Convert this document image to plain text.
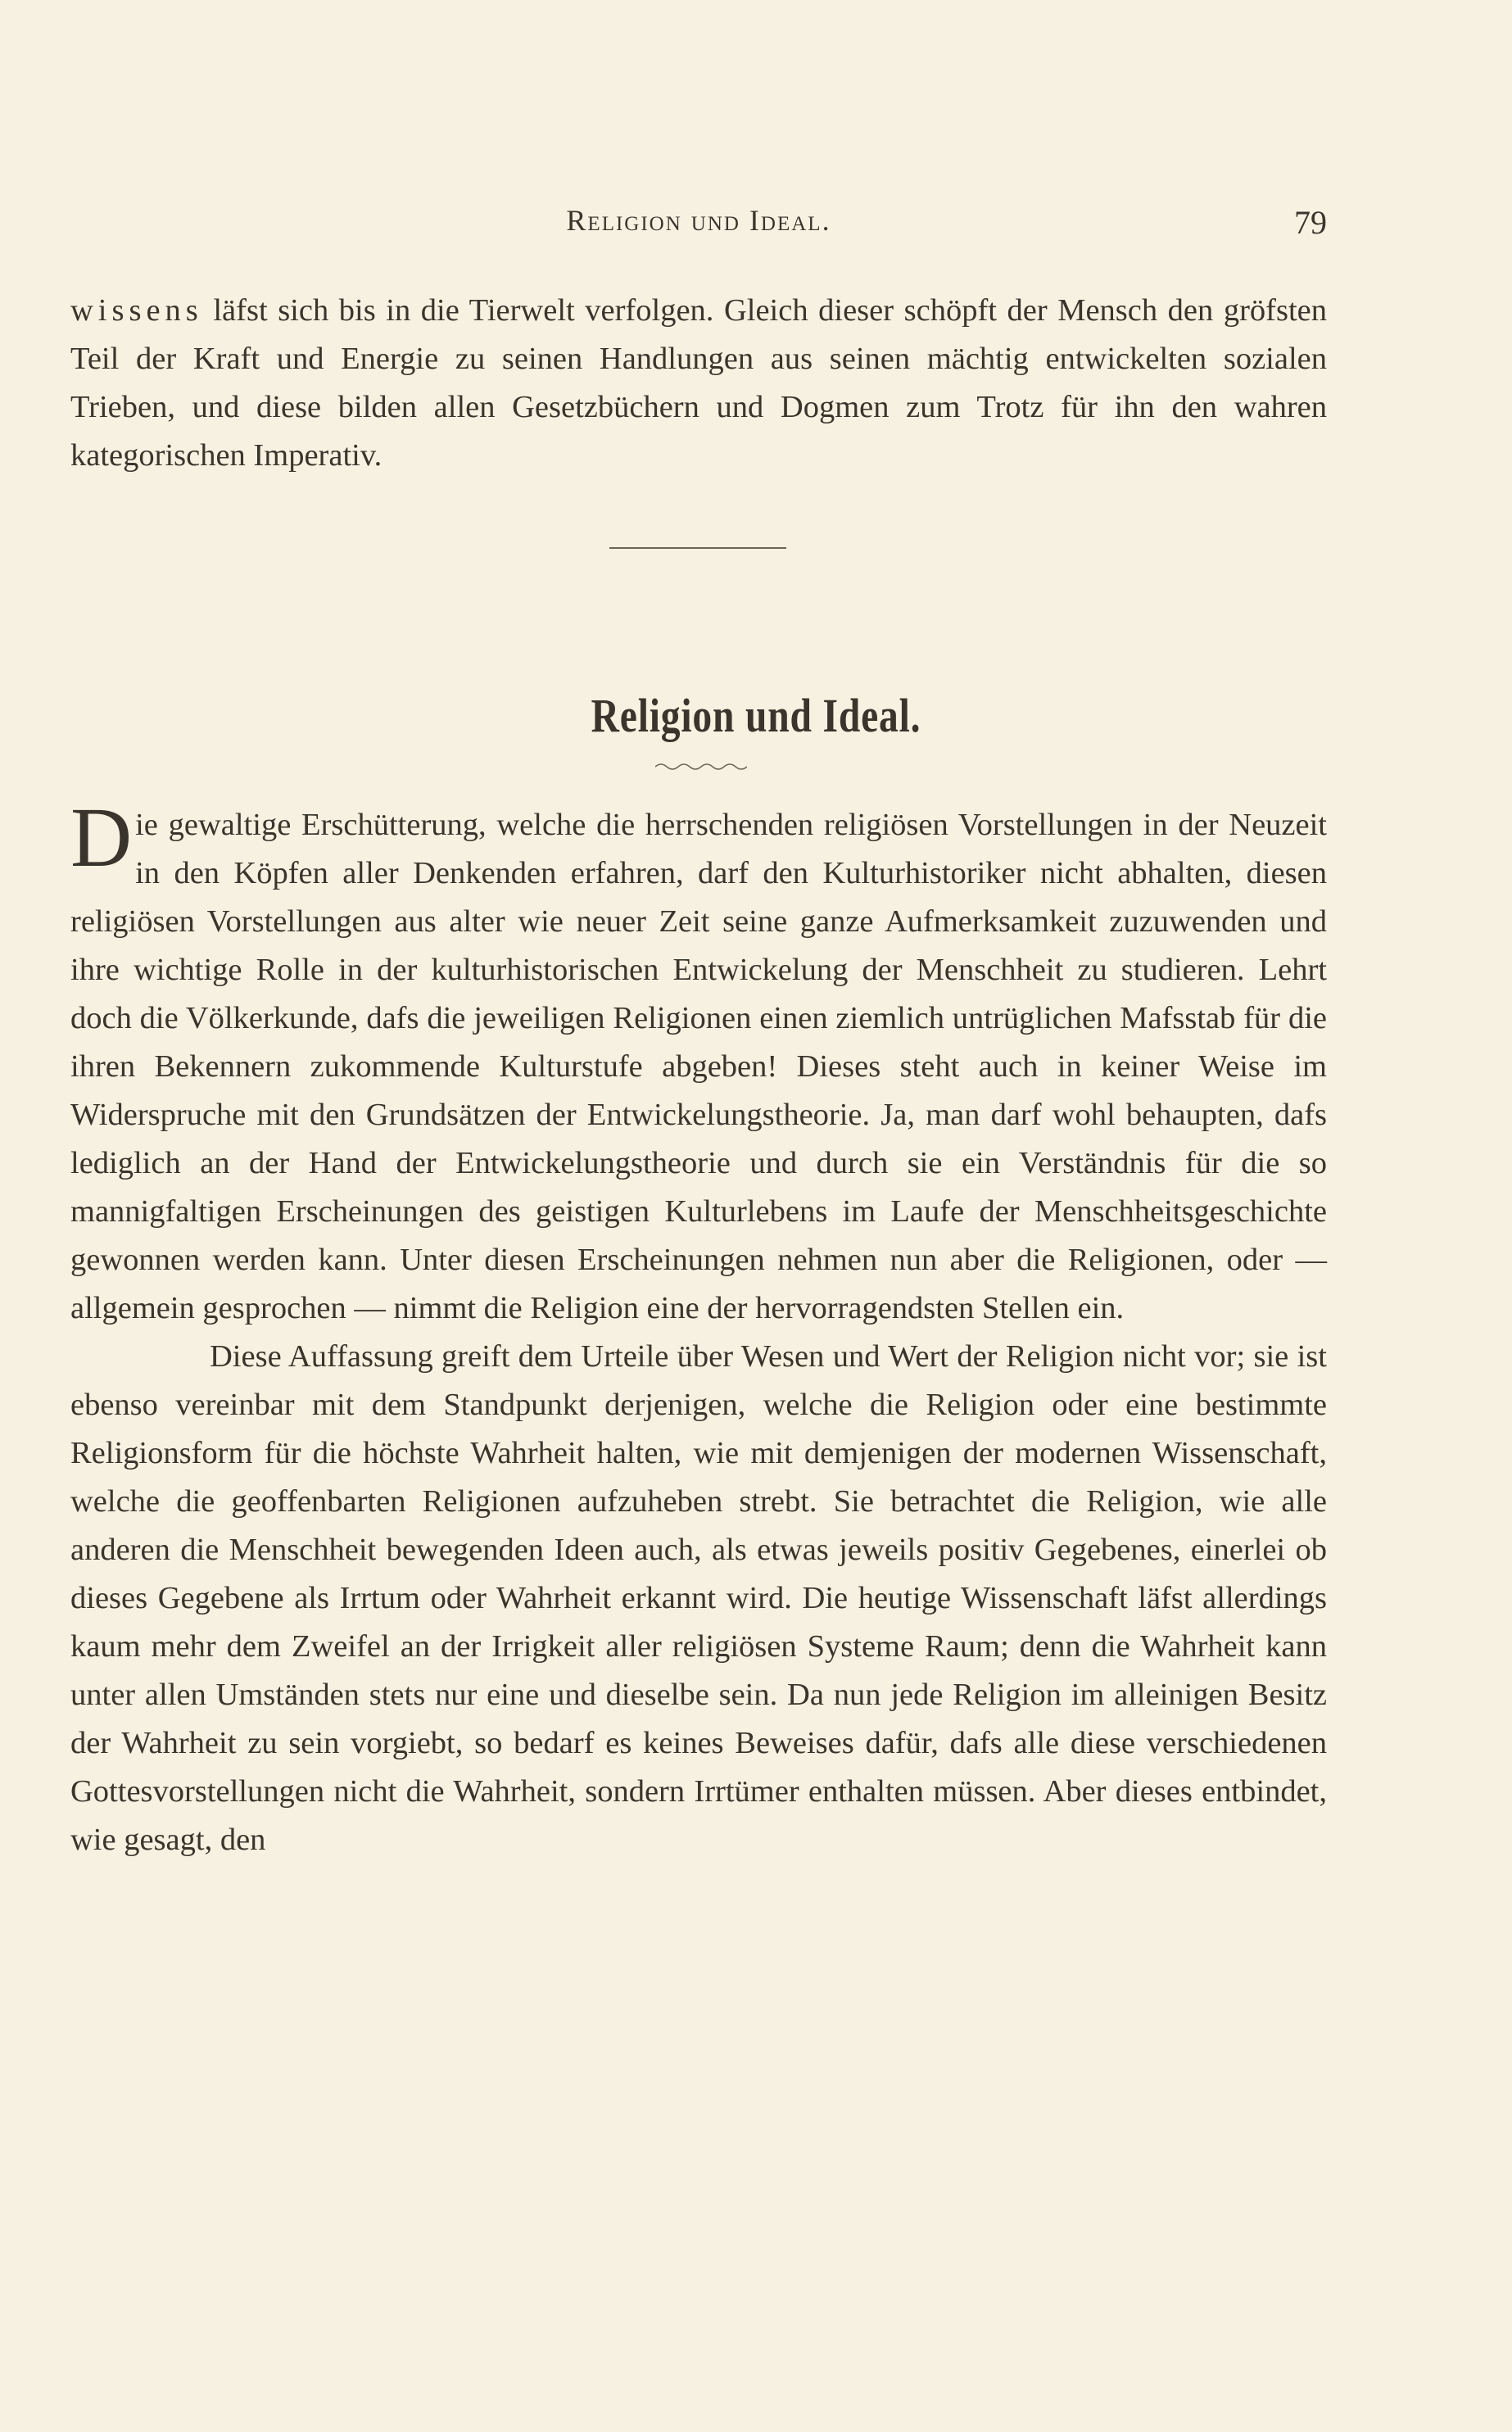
Religion und Ideal.	79

wissens läfst sich bis in die Tierwelt verfolgen. Gleich dieser schöpft der Mensch den gröfsten Teil der Kraft und Energie zu seinen Handlungen aus seinen mächtig entwickelten sozialen Trieben, und diese bilden allen Gesetzbüchern und Dogmen zum Trotz für ihn den wahren kategorischen Imperativ.

Religion und Ideal.

Die gewaltige Erschütterung, welche die herrschenden religiösen Vorstellungen in der Neuzeit in den Köpfen aller Denkenden erfahren, darf den Kulturhistoriker nicht abhalten, diesen religiösen Vorstellungen aus alter wie neuer Zeit seine ganze Aufmerksamkeit zuzuwenden und ihre wichtige Rolle in der kulturhistorischen Entwickelung der Menschheit zu studieren. Lehrt doch die Völkerkunde, dafs die jeweiligen Religionen einen ziemlich untrüglichen Mafsstab für die ihren Bekennern zukommende Kulturstufe abgeben! Dieses steht auch in keiner Weise im Widerspruche mit den Grundsätzen der Entwickelungstheorie. Ja, man darf wohl behaupten, dafs lediglich an der Hand der Entwickelungstheorie und durch sie ein Verständnis für die so mannigfaltigen Erscheinungen des geistigen Kulturlebens im Laufe der Menschheitsgeschichte gewonnen werden kann. Unter diesen Erscheinungen nehmen nun aber die Religionen, oder — allgemein gesprochen — nimmt die Religion eine der hervorragendsten Stellen ein.

Diese Auffassung greift dem Urteile über Wesen und Wert der Religion nicht vor; sie ist ebenso vereinbar mit dem Standpunkt derjenigen, welche die Religion oder eine bestimmte Religionsform für die höchste Wahrheit halten, wie mit demjenigen der modernen Wissenschaft, welche die geoffenbarten Religionen aufzuheben strebt. Sie betrachtet die Religion, wie alle anderen die Menschheit bewegenden Ideen auch, als etwas jeweils positiv Gegebenes, einerlei ob dieses Gegebene als Irrtum oder Wahrheit erkannt wird. Die heutige Wissenschaft läfst allerdings kaum mehr dem Zweifel an der Irrigkeit aller religiösen Systeme Raum; denn die Wahrheit kann unter allen Umständen stets nur eine und dieselbe sein. Da nun jede Religion im alleinigen Besitz der Wahrheit zu sein vorgiebt, so bedarf es keines Beweises dafür, dafs alle diese verschiedenen Gottesvorstellungen nicht die Wahrheit, sondern Irrtümer enthalten müssen. Aber dieses entbindet, wie gesagt, den
